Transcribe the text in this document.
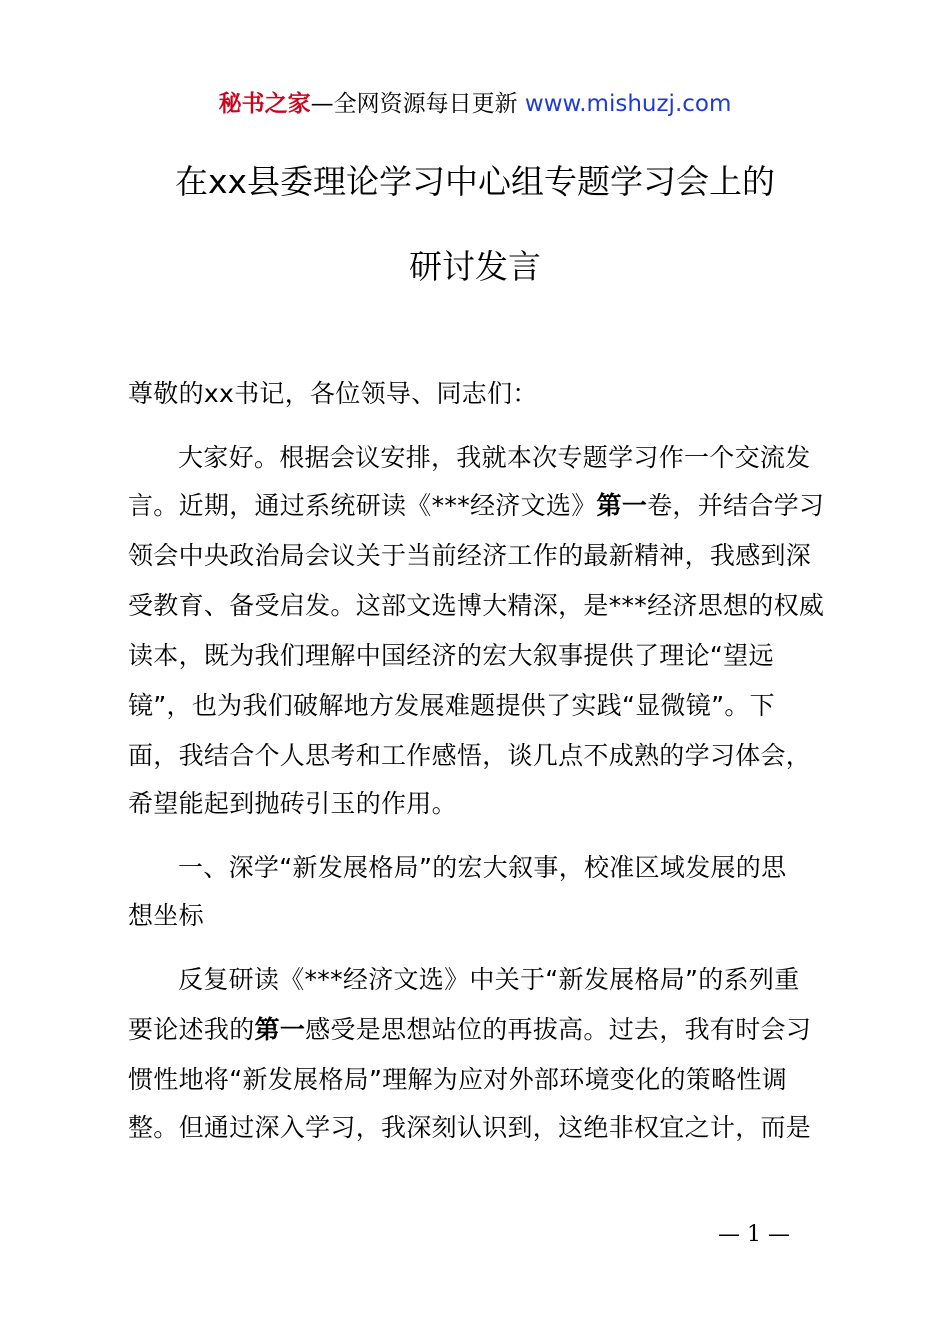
秘书之家—全网资源每日更新 www.mishuzj.com
在xx县委理论学习中心组专题学习会上的
研讨发言
尊敬的xx书记，各位领导、同志们：
大家好。根据会议安排，我就本次专题学习作一个交流发
言。近期，通过系统研读《***经济文选》第一卷，并结合学习
领会中央政治局会议关于当前经济工作的最新精神，我感到深
受教育、备受启发。这部文选博大精深，是***经济思想的权威
读本，既为我们理解中国经济的宏大叙事提供了理论“望远
镜”，也为我们破解地方发展难题提供了实践“显微镜”。下
面，我结合个人思考和工作感悟，谈几点不成熟的学习体会，
希望能起到抛砖引玉的作用。
一、深学“新发展格局”的宏大叙事，校准区域发展的思
想坐标
反复研读《***经济文选》中关于“新发展格局”的系列重
要论述我的第一感受是思想站位的再拔高。过去，我有时会习
惯性地将“新发展格局”理解为应对外部环境变化的策略性调
整。但通过深入学习，我深刻认识到，这绝非权宜之计，而是
— 1 —
